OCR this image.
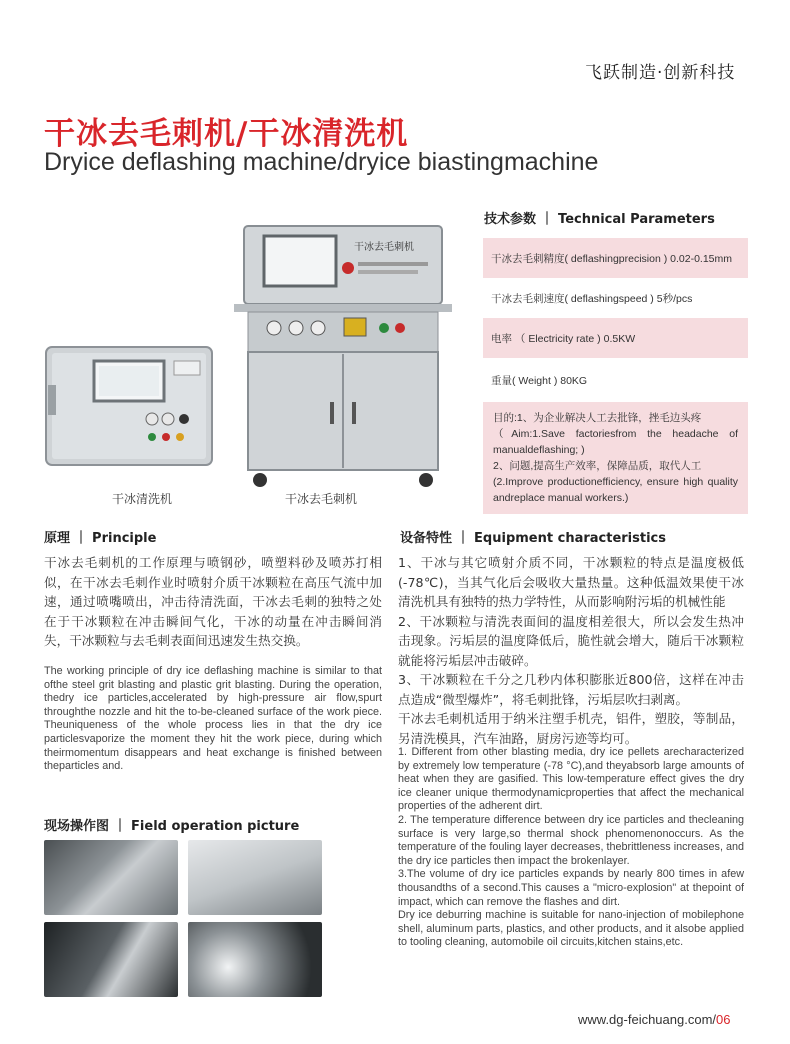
飞跃制造·创新科技
干冰去毛刺机/干冰清洗机
Dryice deflashing machine/dryice biastingmachine
干冰清洗机
干冰去毛刺机
干冰去毛刺机
技术参数 ｜ Technical Parameters
干冰去毛刺精度( deflashingprecision ) 0.02-0.15mm
干冰去毛刺速度( deflashingspeed ) 5秒/pcs
电率 （ Electricity rate ) 0.5KW
重量( Weight ) 80KG
目的:1、为企业解决人工去批锋，挫毛边头疼
（Aim:1.Save factoriesfrom the headache of manualdeflashing; )
2、问题,提高生产效率，保障品质，取代人工
(2.Improve productionefficiency, ensure high quality andreplace manual workers.)
原理 ｜ Principle
干冰去毛刺机的工作原理与喷钢砂，喷塑料砂及喷苏打相似，在干冰去毛刺作业时喷射介质干冰颗粒在高压气流中加速，通过喷嘴喷出，冲击待清洗面，干冰去毛刺的独特之处在于干冰颗粒在冲击瞬间气化，干冰的动量在冲击瞬间消失，干冰颗粒与去毛刺表面间迅速发生热交换。
The working principle of dry ice deflashing machine is similar to that ofthe steel grit blasting and plastic grit blasting. During the operation, thedry ice particles,accelerated by high-pressure air flow,spurt throughthe nozzle and hit the to-be-cleaned surface of the work piece. Theuniqueness of the whole process lies in that the dry ice particlesvaporize the moment they hit the work piece, during which theirmomentum disappears and heat exchange is finished between theparticles and.
现场操作图 ｜ Field operation picture
设备特性 ｜ Equipment characteristics
1、干冰与其它喷射介质不同，干冰颗粒的特点是温度极低(-78℃)，当其气化后会吸收大量热量。这种低温效果使干冰清洗机具有独特的热力学特性，从而影响附污垢的机械性能
2、干冰颗粒与清洗表面间的温度相差很大，所以会发生热冲击现象。污垢层的温度降低后，脆性就会增大，随后干冰颗粒就能将污垢层冲击破碎。
3、干冰颗粒在千分之几秒内体积膨胀近800倍，这样在冲击点造成“微型爆炸”，将毛刺批锋，污垢层吹扫剥离。
干冰去毛刺机适用于纳米注塑手机壳，铝件，塑胶，等制品，另清洗模具，汽车油路，厨房污迹等均可。
1. Different from other blasting media, dry ice pellets arecharacterized by extremely low temperature (-78 °C),and theyabsorb large amounts of heat when they are gasified. This low-temperature effect gives the dry ice cleaner unique thermodynamicproperties that affect the mechanical properties of the adherent dirt.
2. The temperature difference between dry ice particles and thecleaning surface is very large,so thermal shock phenomenonoccurs. As the temperature of the fouling layer decreases, thebrittleness increases, and the dry ice particles then impact the brokenlayer.
3.The volume of dry ice particles expands by nearly 800 times in afew thousandths of a second.This causes a "micro-explosion" at thepoint of impact, which can remove the flashes and dirt.
Dry ice deburring machine is suitable for nano-injection of mobilephone shell, aluminum parts, plastics, and other products, and it alsobe applied to tooling cleaning, automobile oil circuits,kitchen stains,etc.
www.dg-feichuang.com/06
